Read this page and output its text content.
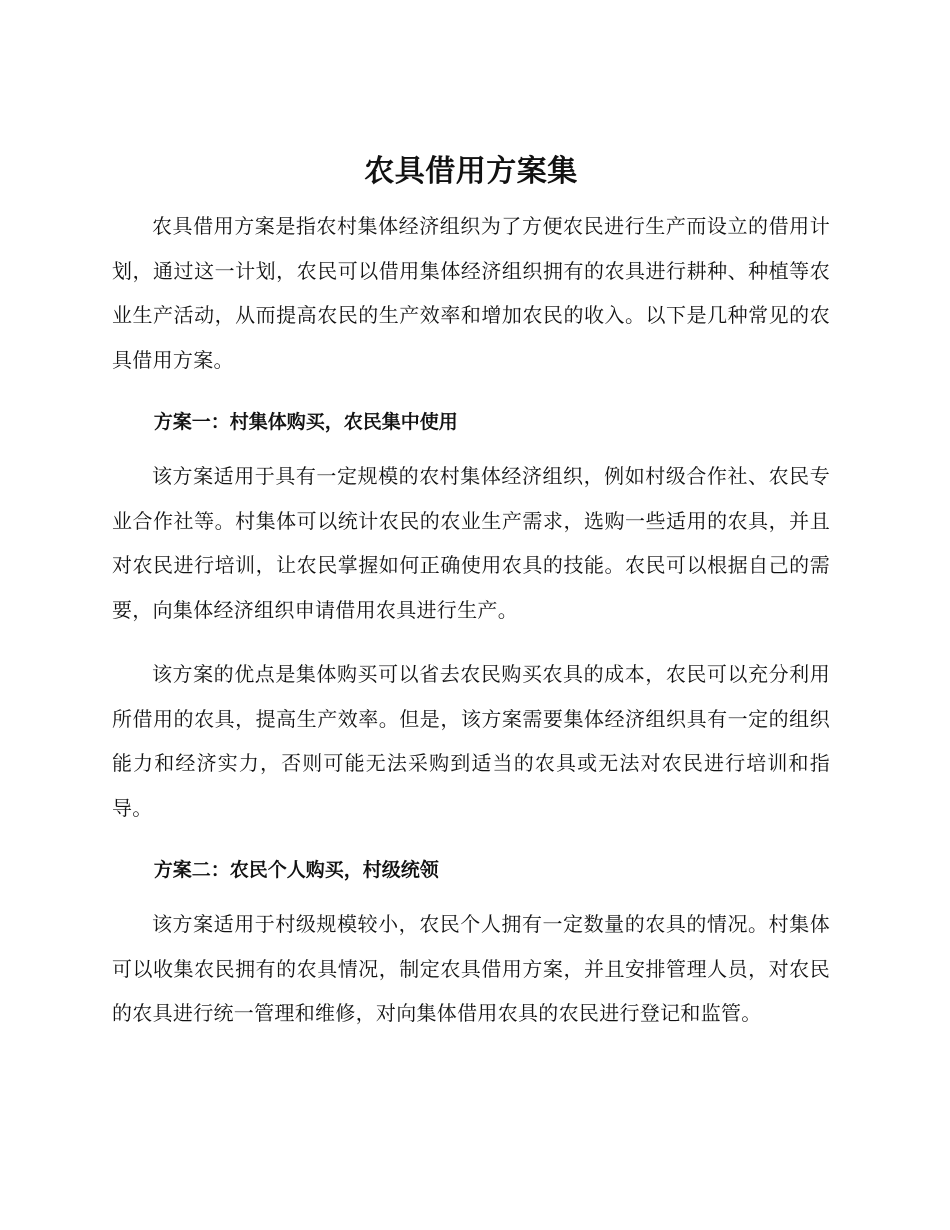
农具借用方案集

农具借用方案是指农村集体经济组织为了方便农民进行生产而设立的借用计划，通过这一计划，农民可以借用集体经济组织拥有的农具进行耕种、种植等农业生产活动，从而提高农民的生产效率和增加农民的收入。以下是几种常见的农具借用方案。

方案一：村集体购买，农民集中使用

该方案适用于具有一定规模的农村集体经济组织，例如村级合作社、农民专业合作社等。村集体可以统计农民的农业生产需求，选购一些适用的农具，并且对农民进行培训，让农民掌握如何正确使用农具的技能。农民可以根据自己的需要，向集体经济组织申请借用农具进行生产。

该方案的优点是集体购买可以省去农民购买农具的成本，农民可以充分利用所借用的农具，提高生产效率。但是，该方案需要集体经济组织具有一定的组织能力和经济实力，否则可能无法采购到适当的农具或无法对农民进行培训和指导。

方案二：农民个人购买，村级统领

该方案适用于村级规模较小，农民个人拥有一定数量的农具的情况。村集体可以收集农民拥有的农具情况，制定农具借用方案，并且安排管理人员，对农民的农具进行统一管理和维修，对向集体借用农具的农民进行登记和监管。
